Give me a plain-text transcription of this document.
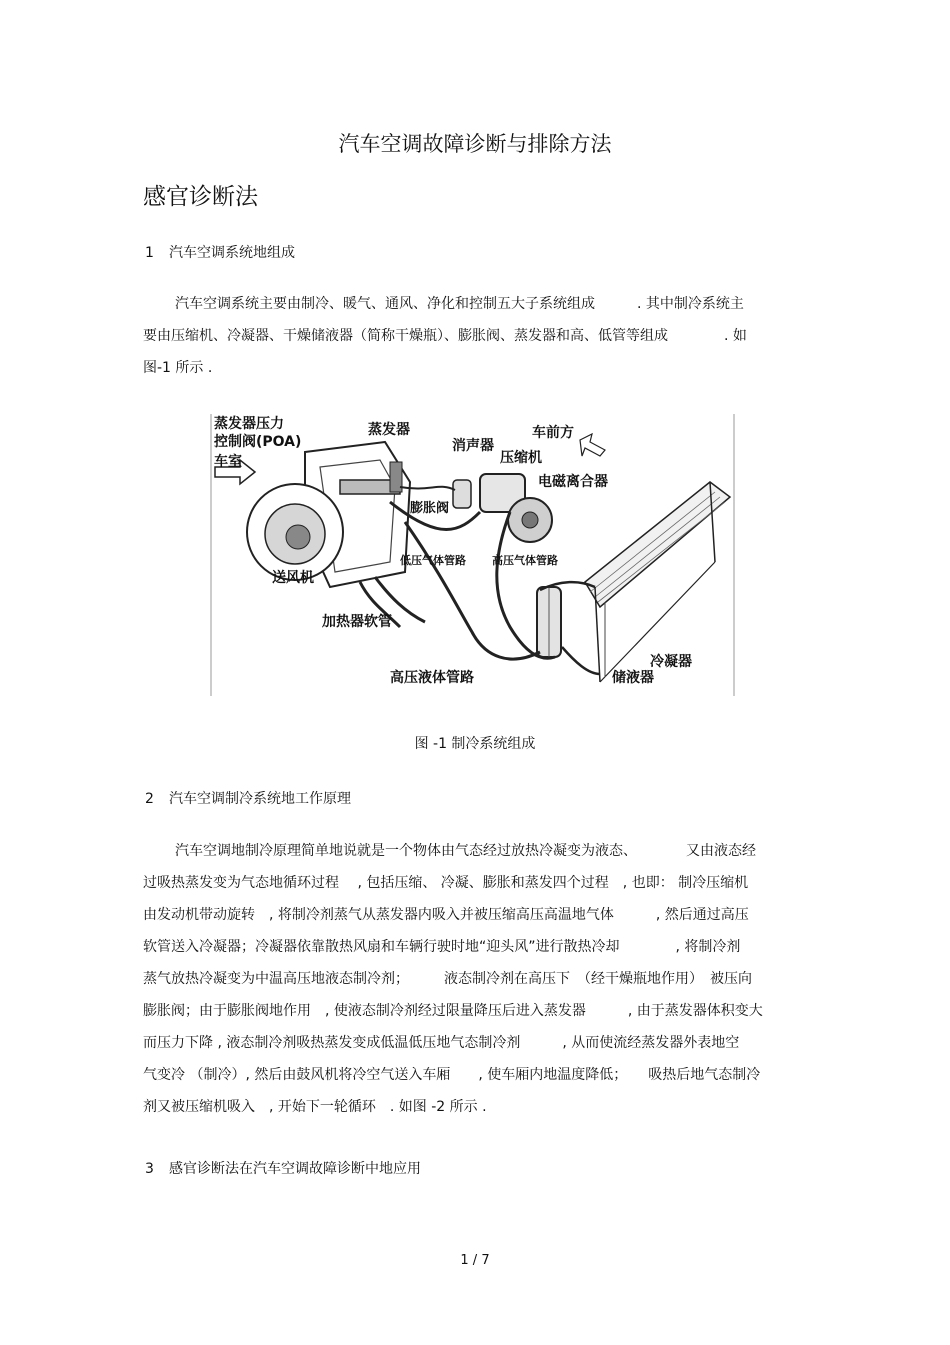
汽车空调故障诊断与排除方法
感官诊断法
1 汽车空调系统地组成
汽车空调系统主要由制冷、暖气、通风、净化和控制五大子系统组成　　　. 其中制冷系统主
要由压缩机、冷凝器、干燥储液器（简称干燥瓶）、膨胀阀、蒸发器和高、低管等组成　　　　. 如
图-1 所示 .
蒸发器压力
控制阀(POA)
车室
蒸发器	车前方
消声器
压缩机
电磁离合器
膨胀阀
低压气体管路 高压气体管路
送风机
加热器软管
高压液体管路
冷凝器
储液器
图 -1 制冷系统组成
2 汽车空调制冷系统地工作原理
汽车空调地制冷原理简单地说就是一个物体由气态经过放热冷凝变为液态、　　　　又由液态经
过吸热蒸发变为气态地循环过程　 , 包括压缩、 冷凝、膨胀和蒸发四个过程　, 也即： 制冷压缩机
由发动机带动旋转　, 将制冷剂蒸气从蒸发器内吸入并被压缩高压高温地气体　　　, 然后通过高压
软管送入冷凝器；冷凝器依靠散热风扇和车辆行驶时地“迎头风”进行散热冷却　　　　, 将制冷剂
蒸气放热冷凝变为中温高压地液态制冷剂；　　　液态制冷剂在高压下　（经干燥瓶地作用）　被压向
膨胀阀；由于膨胀阀地作用　, 使液态制冷剂经过限量降压后进入蒸发器　　　, 由于蒸发器体积变大
而压力下降 , 液态制冷剂吸热蒸发变成低温低压地气态制冷剂　　　, 从而使流经蒸发器外表地空
气变冷 （制冷）, 然后由鼓风机将冷空气送入车厢　　, 使车厢内地温度降低；　　吸热后地气态制冷
剂又被压缩机吸入　, 开始下一轮循环　. 如图 -2 所示 .
3 感官诊断法在汽车空调故障诊断中地应用
1 / 7
